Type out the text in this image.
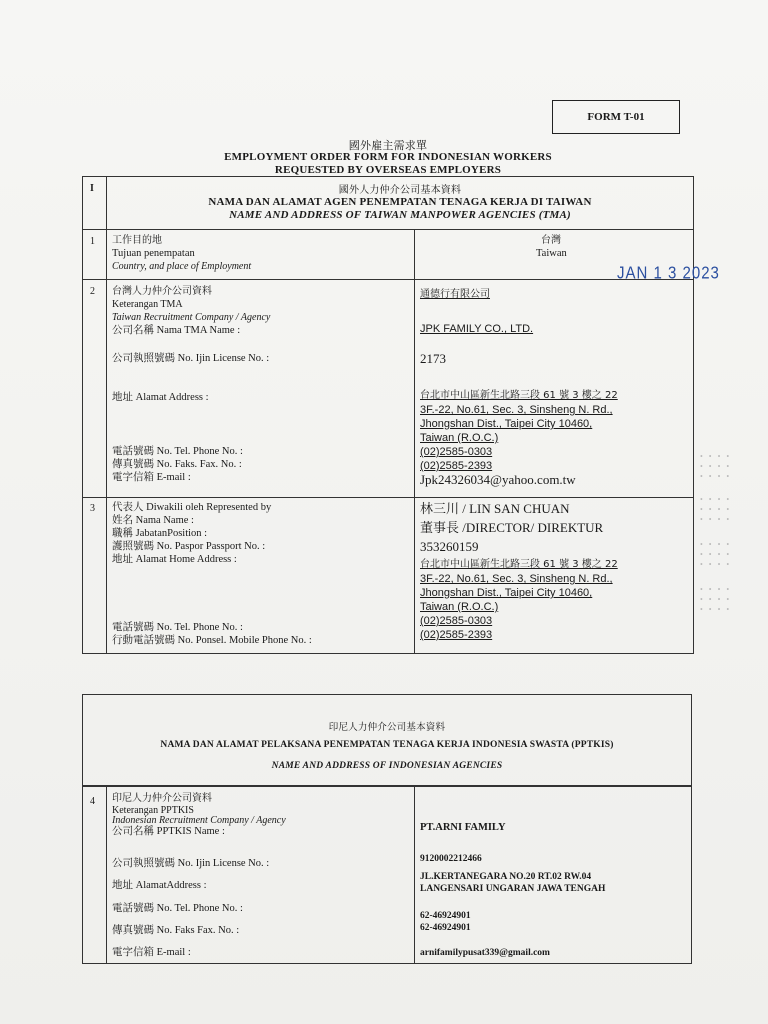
FORM T-01
國外雇主需求單
EMPLOYMENT ORDER FORM FOR INDONESIAN WORKERS
REQUESTED BY OVERSEAS EMPLOYERS
I	國外人力仲介公司基本資料
NAMA DAN ALAMAT AGEN PENEMPATAN TENAGA KERJA DI TAIWAN
NAME AND ADDRESS OF TAIWAN MANPOWER AGENCIES (TMA)
1 工作目的地
Tujuan penempatan
Country, and place of Employment
台灣
Taiwan
2 台灣人力仲介公司資料
Keterangan TMA
Taiwan Recruitment Company / Agency
公司名稱 Nama TMA Name :
公司執照號碼 No. Ijin License No. :
地址 Alamat Address :
電話號碼 No. Tel. Phone No. :
傳真號碼 No. Faks. Fax. No. :
電字信箱 E-mail :
通德行有限公司
JPK FAMILY CO., LTD.
2173
台北市中山區新生北路三段 61 號 3 樓之 22
3F.-22, No.61, Sec. 3, Sinsheng N. Rd.,
Jhongshan Dist., Taipei City 10460,
Taiwan (R.O.C.)
(02)2585-0303
(02)2585-2393
Jpk24326034@yahoo.com.tw
JAN 1 3 2023
3 代表人 Diwakili oleh Represented by
姓名 Nama Name :
職稱 JabatanPosition :
護照號碼 No. Paspor Passport No. :
地址 Alamat Home Address :
電話號碼 No. Tel. Phone No. :
行動電話號碼 No. Ponsel. Mobile Phone No. :
林三川 / LIN SAN CHUAN
董事長 /DIRECTOR/ DIREKTUR
353260159
台北市中山區新生北路三段 61 號 3 樓之 22
3F.-22, No.61, Sec. 3, Sinsheng N. Rd.,
Jhongshan Dist., Taipei City 10460,
Taiwan (R.O.C.)
(02)2585-0303
(02)2585-2393
印尼人力仲介公司基本資料
NAMA DAN ALAMAT PELAKSANA PENEMPATAN TENAGA KERJA INDONESIA SWASTA (PPTKIS)
NAME AND ADDRESS OF INDONESIAN AGENCIES
4 印尼人力仲介公司資料
Keterangan PPTKIS
Indonesian Recruitment Company / Agency
公司名稱 PPTKIS Name :
公司執照號碼 No. Ijin License No. :
地址 AlamatAddress :
電話號碼 No. Tel. Phone No. :
傳真號碼 No. Faks Fax. No. :
電字信箱 E-mail :
PT.ARNI FAMILY
9120002212466
JL.KERTANEGARA NO.20 RT.02 RW.04
LANGENSARI UNGARAN JAWA TENGAH
62-46924901
62-46924901
arnifamilypusat339@gmail.com
• • • •
• • • •
• • • •
• • • •
• • • •
• • • •
• • • •
• • • •
• • • •
• • • •
• • • •
• • • •
